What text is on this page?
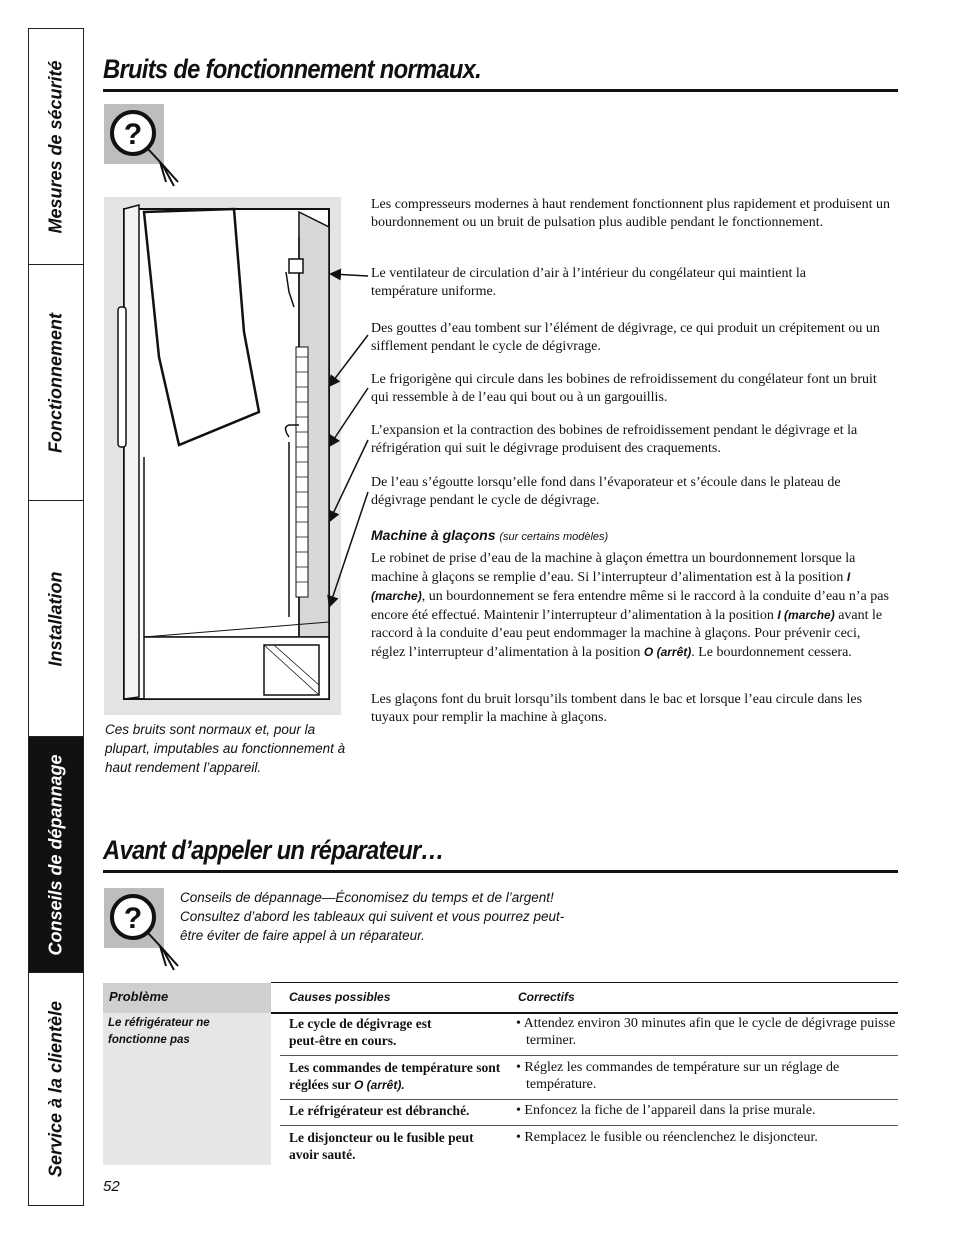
Mesures de sécurité
Fonctionnement
Installation
Conseils de dépannage
Service à la clientèle
Bruits de fonctionnement normaux.
?
Les compresseurs modernes à haut rendement fonctionnent plus rapidement et produisent un bourdonnement ou un bruit de pulsation plus audible pendant le fonctionnement.
Le ventilateur de circulation d’air à l’intérieur du congélateur qui maintient la température uniforme.
Des gouttes d’eau tombent sur l’élément de dégivrage, ce qui produit un crépitement ou un sifflement pendant le cycle de dégivrage.
Le frigorigène qui circule dans les bobines de refroidissement du congélateur font un bruit qui ressemble à de l’eau qui bout ou à un gargouillis.
L’expansion et la contraction des bobines de refroidissement pendant le dégivrage et la réfrigération qui suit le dégivrage produisent des craquements.
De l’eau s’égoutte lorsqu’elle fond dans l’évaporateur et s’écoule dans le plateau de dégivrage pendant le cycle de dégivrage.
Machine à glaçons (sur certains modèles)
Le robinet de prise d’eau de la machine à glaçon émettra un bourdonnement lorsque la machine à glaçons se remplie d’eau. Si l’interrupteur d’alimentation est à la position I (marche), un bourdonnement se fera entendre même si le raccord à la conduite d’eau n’a pas encore été effectué. Maintenir l’interrupteur d’alimentation à la position I (marche) avant le raccord à la conduite d’eau peut endommager la machine à glaçons. Pour prévenir ceci, réglez l’interrupteur d’alimentation à la position O (arrêt). Le bourdonnement cessera.
Les glaçons font du bruit lorsqu’ils tombent dans le bac et lorsque l’eau circule dans les tuyaux pour remplir la machine à glaçons.
Ces bruits sont normaux et, pour la plupart, imputables au fonctionnement à haut rendement l’appareil.
Avant d’appeler un réparateur…
?
Conseils de dépannage—Économisez du temps et de l’argent! Consultez d’abord les tableaux qui suivent et vous pourrez peut-être éviter de faire appel à un réparateur.
Problème	Causes possibles	Correctifs
Le réfrigérateur ne fonctionne pas
Le cycle de dégivrage est peut-être en cours.
• Attendez environ 30 minutes afin que le cycle de dégivrage puisse terminer.
Les commandes de température sont réglées sur O (arrêt).
• Réglez les commandes de température sur un réglage de température.
Le réfrigérateur est débranché.	• Enfoncez la fiche de l’appareil dans la prise murale.
Le disjoncteur ou le fusible peut avoir sauté.
• Remplacez le fusible ou réenclenchez le disjoncteur.
52
